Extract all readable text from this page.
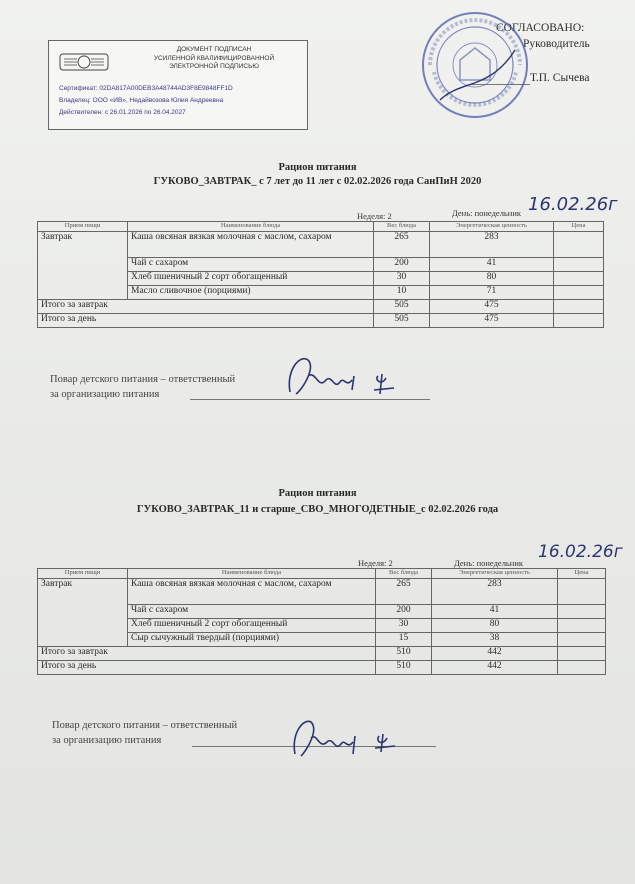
ДОКУМЕНТ ПОДПИСАН
УСИЛЕННОЙ КВАЛИФИЦИРОВАННОЙ
ЭЛЕКТРОННОЙ ПОДПИСЬЮ
Сертификат: 02DA817A00DEB3A48744AD3F8E9848FF1D
Владелец: ООО «ИВ», Недайвозова Юлия Андреевна
Действителен: с 26.01.2026 по 26.04.2027
СОГЛАСОВАНО:
Руководитель
Т.П. Сычева
Рацион питания
ГУКОВО_ЗАВТРАК_ с 7 лет до 11 лет с 02.02.2026 года СанПиН 2020
Неделя: 2	День: понедельник 16.02.26г
Прием пищи	Наименование блюда	Вес блюда	Энергетическая ценность	Цена
Завтрак	Каша овсяная вязкая молочная с маслом, сахаром	265	283	
	Чай с сахаром	200	41	
	Хлеб пшеничный 2 сорт обогащенный	30	80	
	Масло сливочное (порциями)	10	71	
Итого за завтрак		505	475	
Итого за день		505	475	
Повар детского питания – ответственный
за организацию питания
Рацион питания
ГУКОВО_ЗАВТРАК_11 и старше_СВО_МНОГОДЕТНЫЕ_с 02.02.2026 года
Неделя: 2	День: понедельник
16.02.26г
Прием пищи	Наименование блюда	Вес блюда	Энергетическая ценность	Цена
Завтрак	Каша овсяная вязкая молочная с маслом, сахаром	265	283	
	Чай с сахаром	200	41	
	Хлеб пшеничный 2 сорт обогащенный	30	80	
	Сыр сычужный твердый (порциями)	15	38	
Итого за завтрак		510	442	
Итого за день		510	442	
Повар детского питания – ответственный
за организацию питания
